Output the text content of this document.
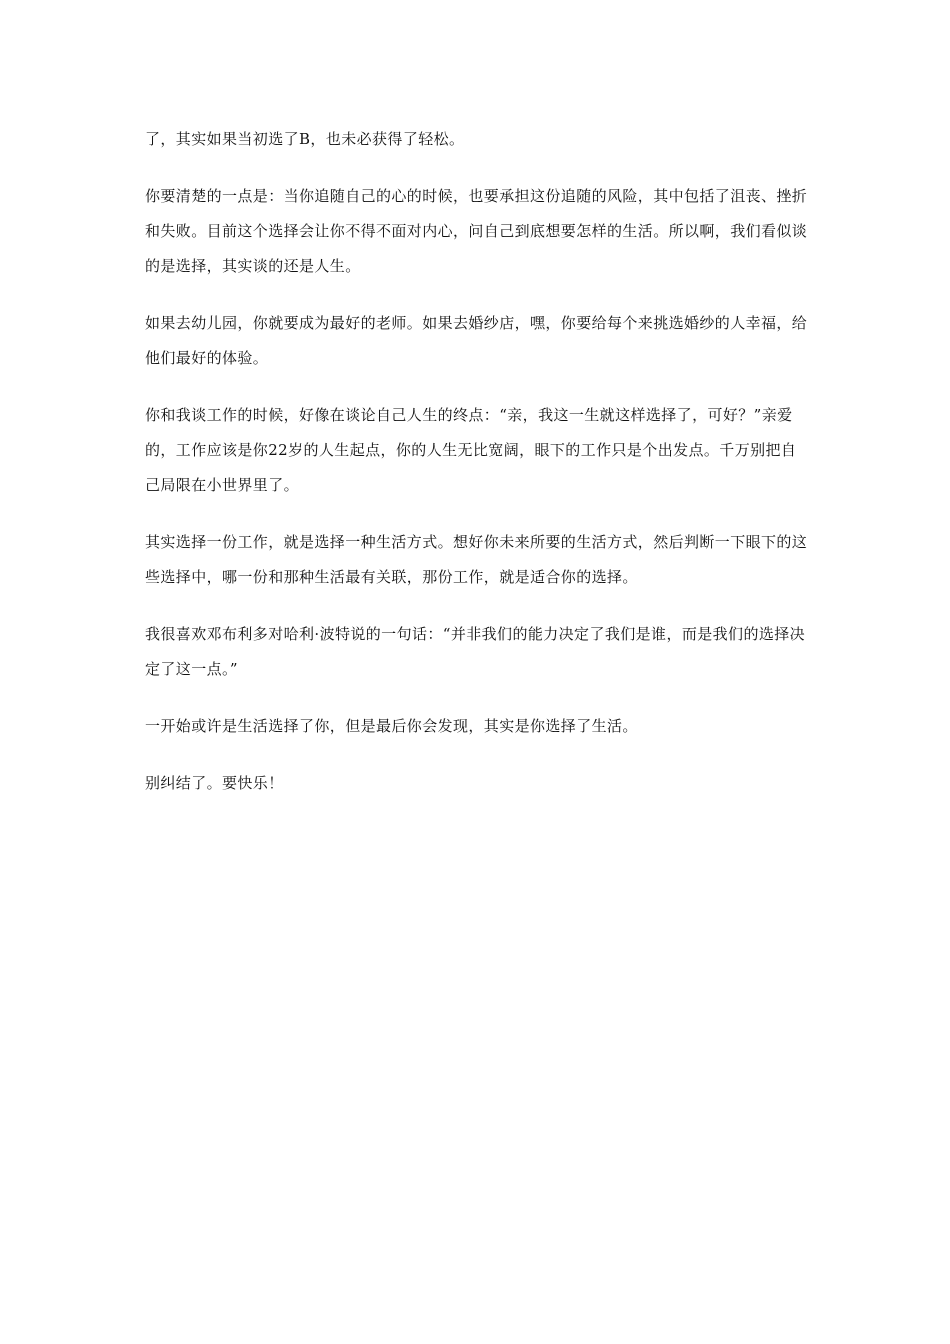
了，其实如果当初选了B，也未必获得了轻松。

你要清楚的一点是：当你追随自己的心的时候，也要承担这份追随的风险，其中包括了沮丧、挫折和失败。目前这个选择会让你不得不面对内心，问自己到底想要怎样的生活。所以啊，我们看似谈的是选择，其实谈的还是人生。

如果去幼儿园，你就要成为最好的老师。如果去婚纱店，嘿，你要给每个来挑选婚纱的人幸福，给他们最好的体验。

你和我谈工作的时候，好像在谈论自己人生的终点：“亲，我这一生就这样选择了，可好？”亲爱的，工作应该是你22岁的人生起点，你的人生无比宽阔，眼下的工作只是个出发点。千万别把自己局限在小世界里了。

其实选择一份工作，就是选择一种生活方式。想好你未来所要的生活方式，然后判断一下眼下的这些选择中，哪一份和那种生活最有关联，那份工作，就是适合你的选择。

我很喜欢邓布利多对哈利·波特说的一句话：“并非我们的能力决定了我们是谁，而是我们的选择决定了这一点。”

一开始或许是生活选择了你，但是最后你会发现，其实是你选择了生活。

别纠结了。要快乐！
